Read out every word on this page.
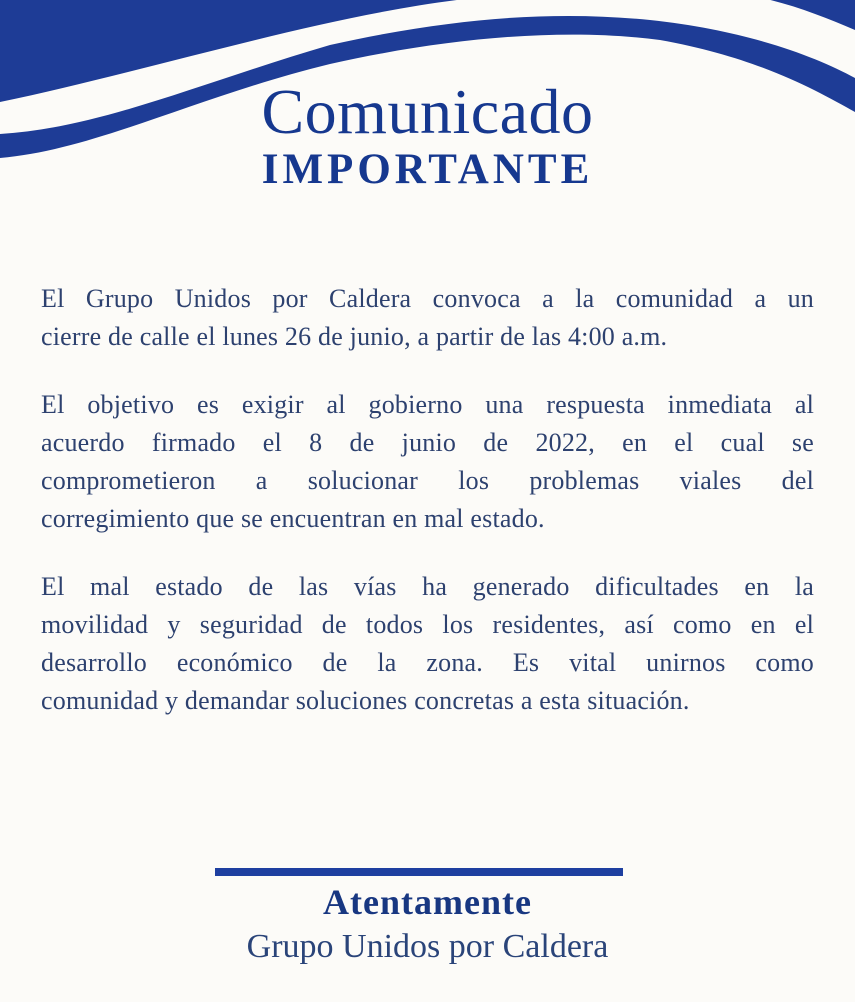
Comunicado
IMPORTANTE
El Grupo Unidos por Caldera convoca a la comunidad a un
cierre de calle el lunes 26 de junio, a partir de las 4:00 a.m.
El objetivo es exigir al gobierno una respuesta inmediata al
acuerdo firmado el 8 de junio de 2022, en el cual se
comprometieron a solucionar los problemas viales del
corregimiento que se encuentran en mal estado.
El mal estado de las vías ha generado dificultades en la
movilidad y seguridad de todos los residentes, así como en el
desarrollo económico de la zona. Es vital unirnos como
comunidad y demandar soluciones concretas a esta situación.
Atentamente
Grupo Unidos por Caldera
